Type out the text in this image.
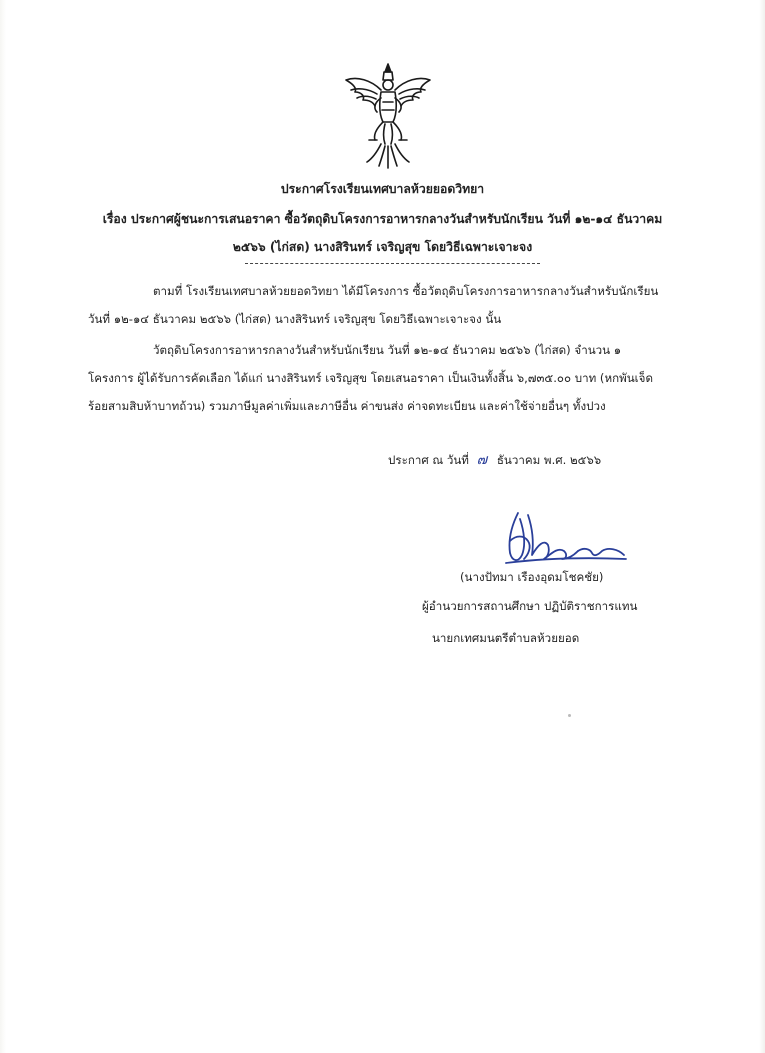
ประกาศโรงเรียนเทศบาลห้วยยอดวิทยา
เรื่อง ประกาศผู้ชนะการเสนอราคา ซื้อวัตถุดิบโครงการอาหารกลางวันสำหรับนักเรียน วันที่ ๑๒-๑๔ ธันวาคม
๒๕๖๖ (ไก่สด) นางสิรินทร์ เจริญสุข โดยวิธีเฉพาะเจาะจง
ตามที่ โรงเรียนเทศบาลห้วยยอดวิทยา ได้มีโครงการ ซื้อวัตถุดิบโครงการอาหารกลางวันสำหรับนักเรียน
วันที่ ๑๒-๑๔ ธันวาคม ๒๕๖๖ (ไก่สด) นางสิรินทร์ เจริญสุข โดยวิธีเฉพาะเจาะจง นั้น
วัตถุดิบโครงการอาหารกลางวันสำหรับนักเรียน วันที่ ๑๒-๑๔ ธันวาคม ๒๕๖๖ (ไก่สด) จำนวน ๑
โครงการ ผู้ได้รับการคัดเลือก ได้แก่ นางสิรินทร์ เจริญสุข โดยเสนอราคา เป็นเงินทั้งสิ้น ๖,๗๓๕.๐๐ บาท (หกพันเจ็ด
ร้อยสามสิบห้าบาทถ้วน) รวมภาษีมูลค่าเพิ่มและภาษีอื่น ค่าขนส่ง ค่าจดทะเบียน และค่าใช้จ่ายอื่นๆ ทั้งปวง
ประกาศ ณ วันที่ ๗ ธันวาคม พ.ศ. ๒๕๖๖
(นางปัทมา เรืองอุดมโชคชัย)
ผู้อำนวยการสถานศึกษา ปฏิบัติราชการแทน
นายกเทศมนตรีตำบลห้วยยอด
